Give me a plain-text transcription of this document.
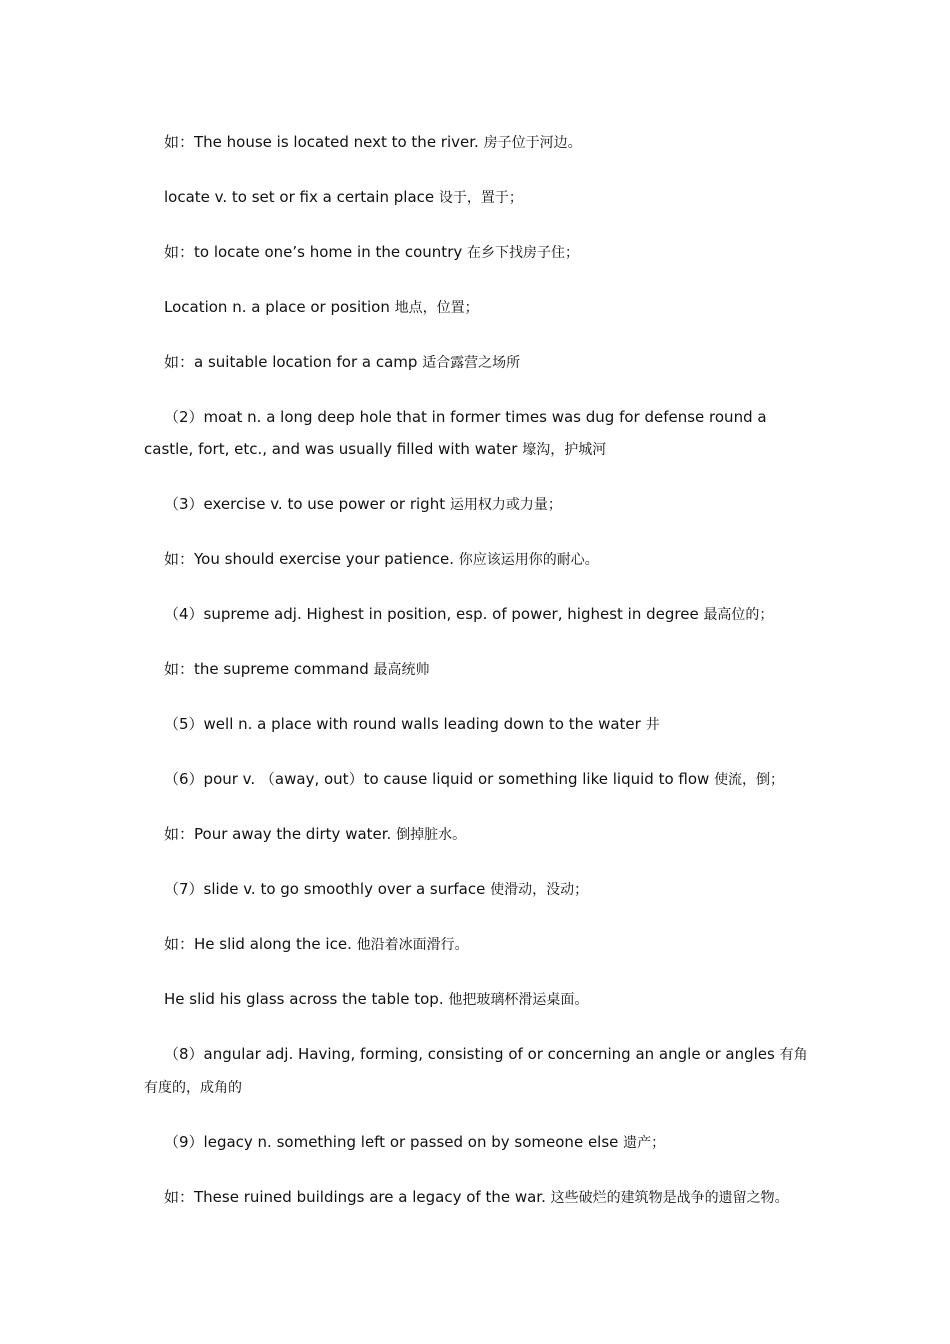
如：The house is located next to the river. 房子位于河边。

locate v. to set or fix a certain place 设于，置于；

如：to locate one’s home in the country 在乡下找房子住；

Location n. a place or position 地点，位置；

如：a suitable location for a camp 适合露营之场所

（2）moat n. a long deep hole that in former times was dug for defense round a castle, fort, etc., and was usually filled with water 壕沟，护城河

（3）exercise v. to use power or right 运用权力或力量；

如：You should exercise your patience. 你应该运用你的耐心。

（4）supreme adj. Highest in position, esp. of power, highest in degree 最高位的；

如：the supreme command 最高统帅

（5）well n. a place with round walls leading down to the water 井

（6）pour v. （away, out）to cause liquid or something like liquid to flow 使流，倒；

如：Pour away the dirty water. 倒掉脏水。

（7）slide v. to go smoothly over a surface 使滑动，没动；

如：He slid along the ice. 他沿着冰面滑行。

He slid his glass across the table top. 他把玻璃杯滑运桌面。

（8）angular adj. Having, forming, consisting of or concerning an angle or angles 有角有度的，成角的

（9）legacy n. something left or passed on by someone else 遗产；

如：These ruined buildings are a legacy of the war. 这些破烂的建筑物是战争的遗留之物。
